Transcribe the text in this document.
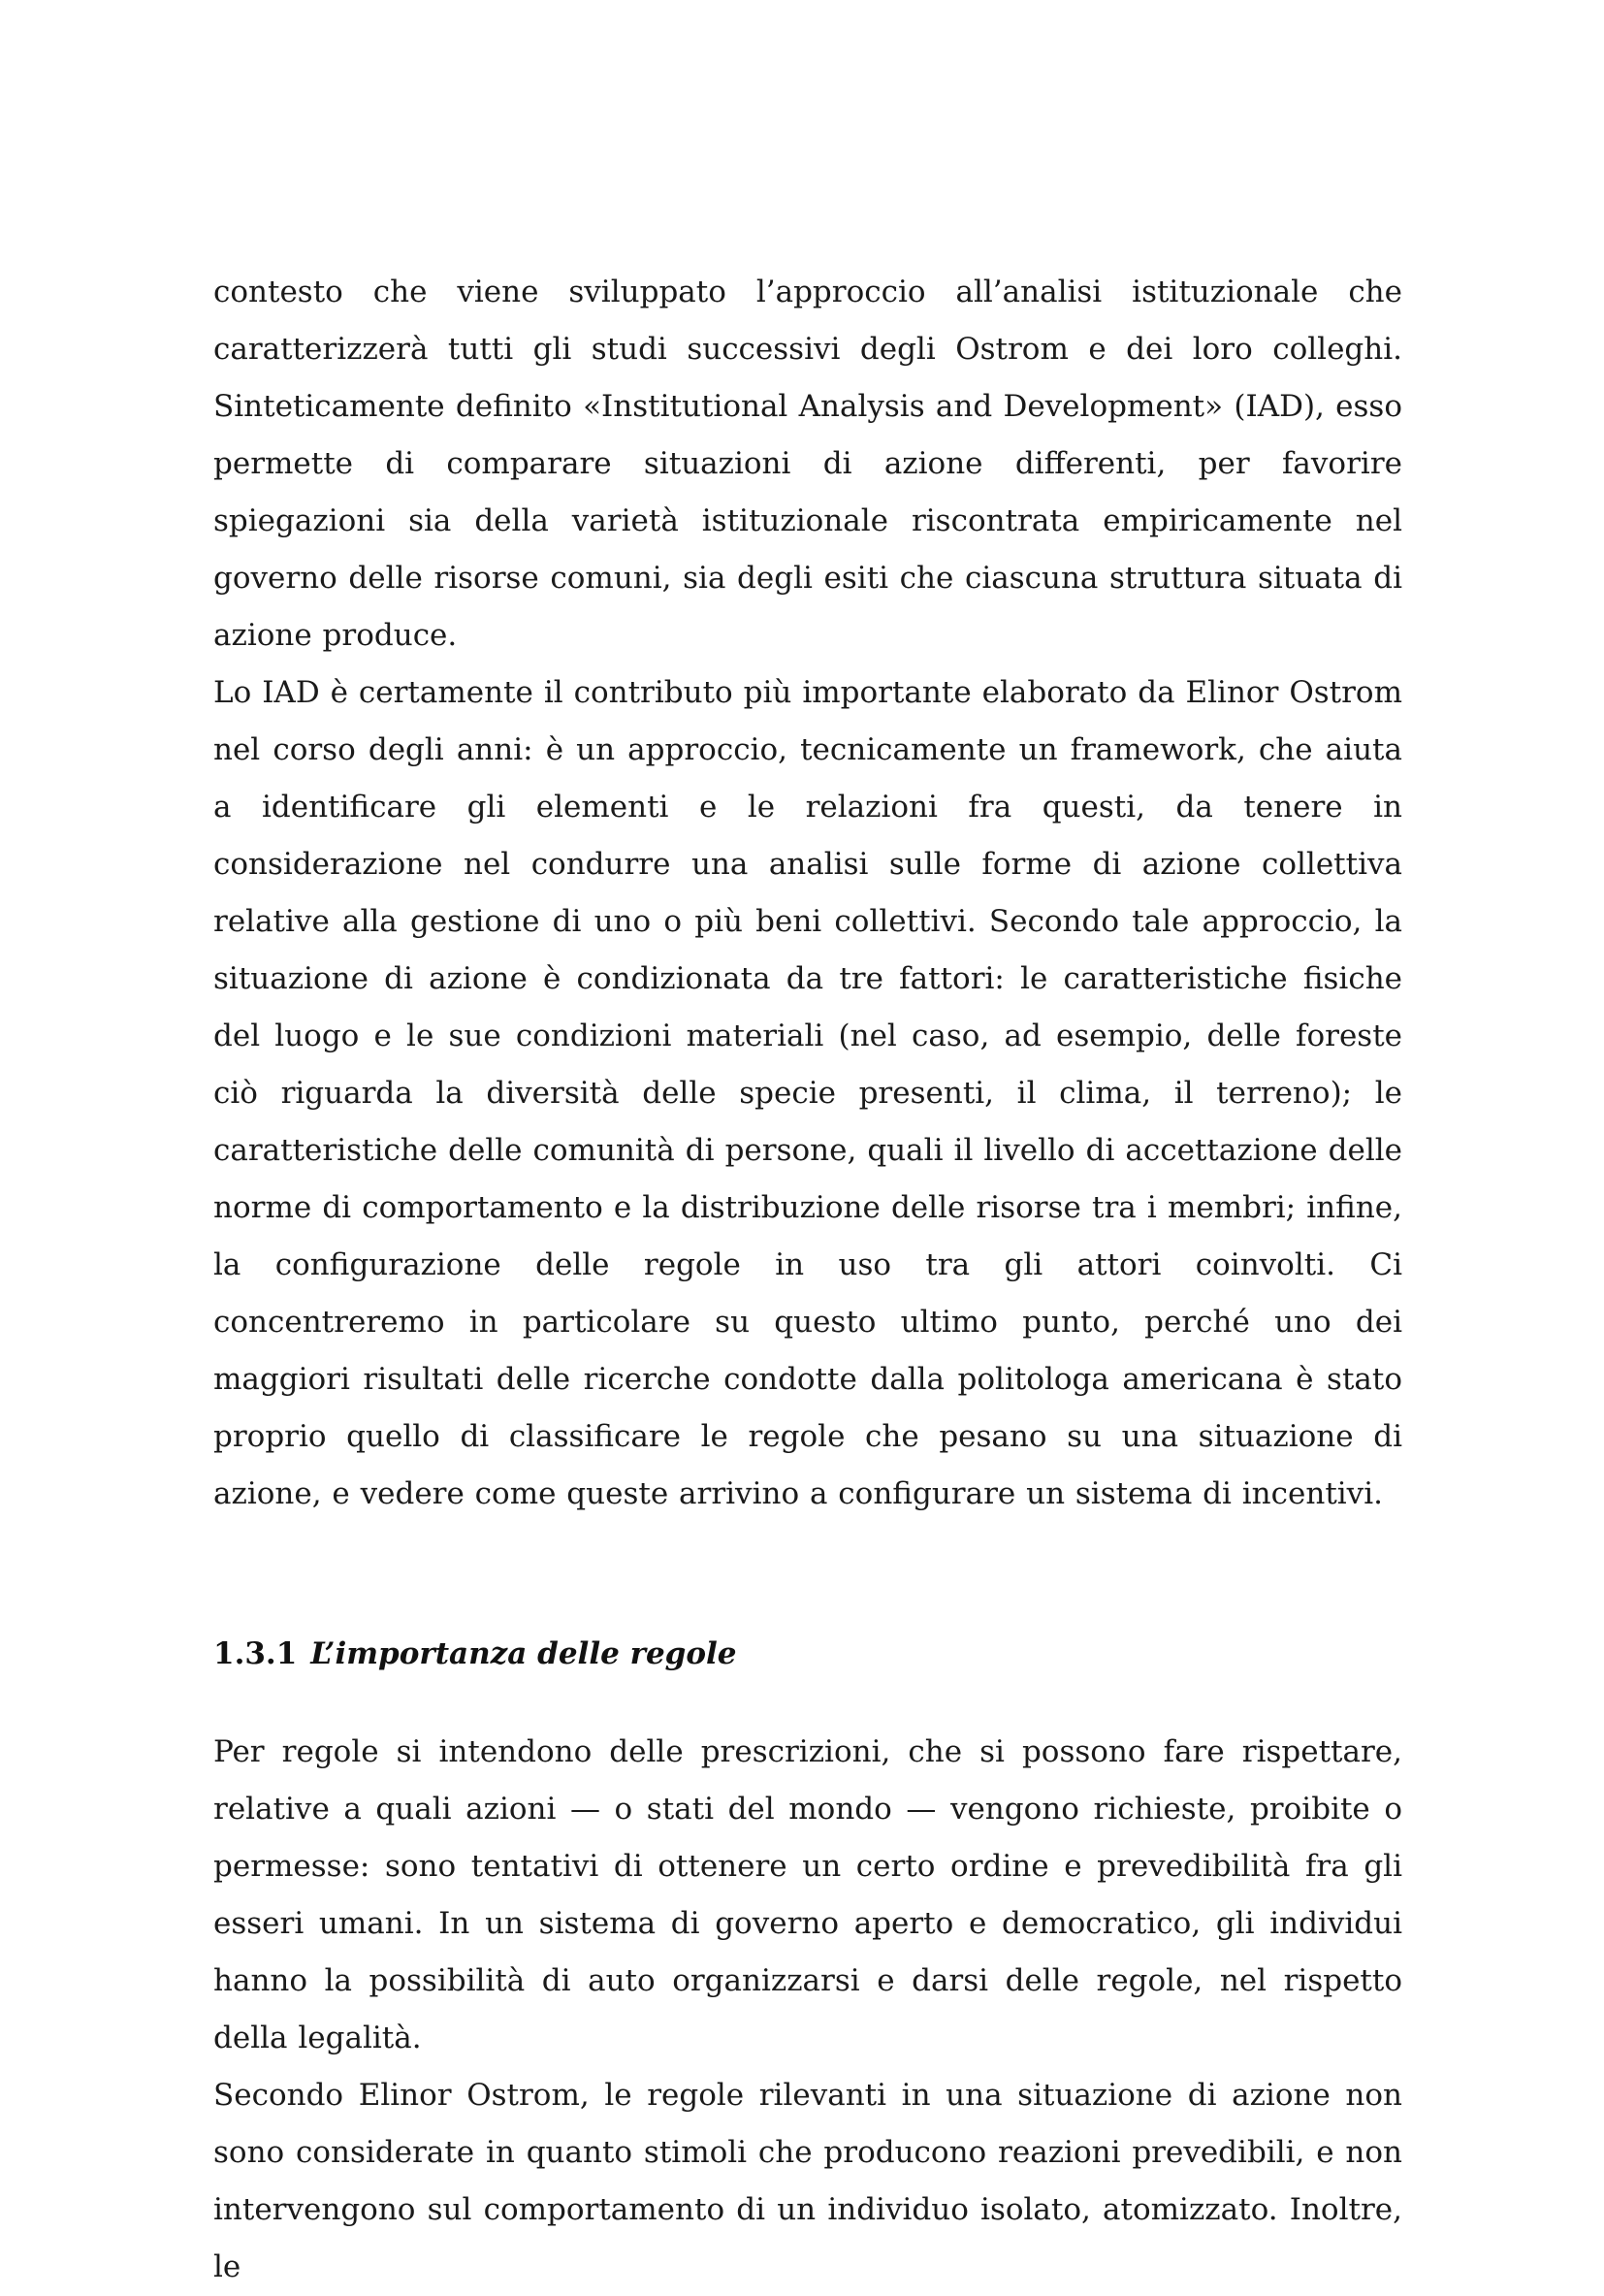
contesto che viene sviluppato l’approccio all’analisi istituzionale che caratterizzerà tutti gli studi successivi degli Ostrom e dei loro colleghi. Sinteticamente definito «Institutional Analysis and Development» (IAD), esso permette di comparare situazioni di azione differenti, per favorire spiegazioni sia della varietà istituzionale riscontrata empiricamente nel governo delle risorse comuni, sia degli esiti che ciascuna struttura situata di azione produce.

Lo IAD è certamente il contributo più importante elaborato da Elinor Ostrom nel corso degli anni: è un approccio, tecnicamente un framework, che aiuta a identificare gli elementi e le relazioni fra questi, da tenere in considerazione nel condurre una analisi sulle forme di azione collettiva relative alla gestione di uno o più beni collettivi. Secondo tale approccio, la situazione di azione è condizionata da tre fattori: le caratteristiche fisiche del luogo e le sue condizioni materiali (nel caso, ad esempio, delle foreste ciò riguarda la diversità delle specie presenti, il clima, il terreno); le caratteristiche delle comunità di persone, quali il livello di accettazione delle norme di comportamento e la distribuzione delle risorse tra i membri; infine, la configurazione delle regole in uso tra gli attori coinvolti. Ci concentreremo in particolare su questo ultimo punto, perché uno dei maggiori risultati delle ricerche condotte dalla politologa americana è stato proprio quello di classificare le regole che pesano su una situazione di azione, e vedere come queste arrivino a configurare un sistema di incentivi.

1.3.1 L’importanza delle regole

Per regole si intendono delle prescrizioni, che si possono fare rispettare, relative a quali azioni — o stati del mondo — vengono richieste, proibite o permesse: sono tentativi di ottenere un certo ordine e prevedibilità fra gli esseri umani. In un sistema di governo aperto e democratico, gli individui hanno la possibilità di auto organizzarsi e darsi delle regole, nel rispetto della legalità.

Secondo Elinor Ostrom, le regole rilevanti in una situazione di azione non sono considerate in quanto stimoli che producono reazioni prevedibili, e non intervengono sul comportamento di un individuo isolato, atomizzato. Inoltre, le
